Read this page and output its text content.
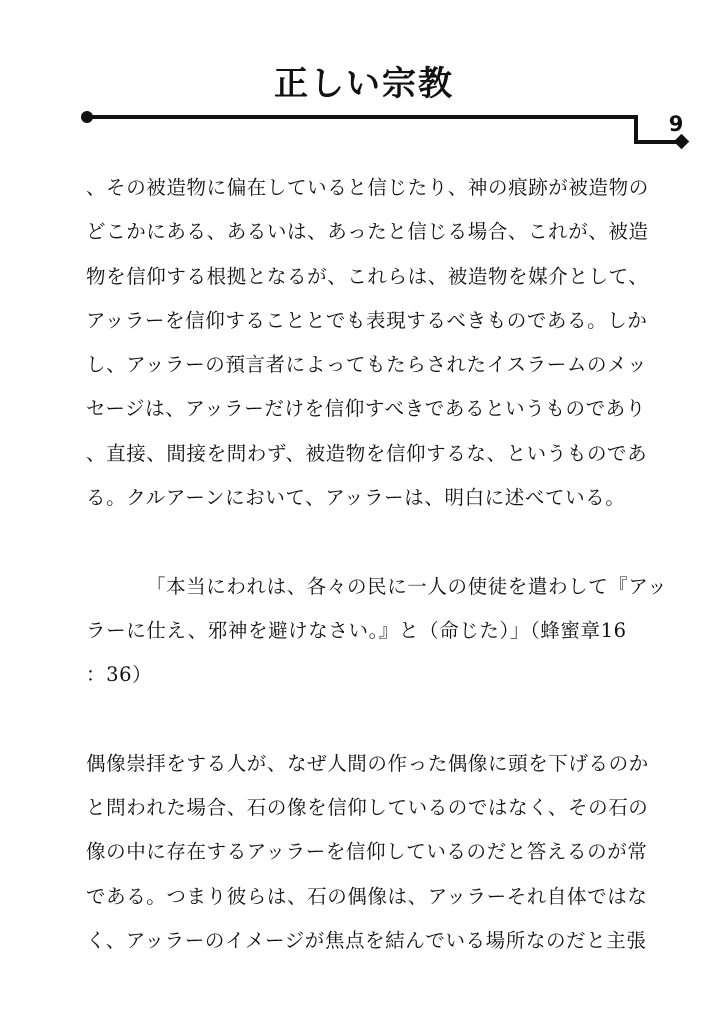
正しい宗教
9
、その被造物に偏在していると信じたり、神の痕跡が被造物の
どこかにある、あるいは、あったと信じる場合、これが、被造
物を信仰する根拠となるが、これらは、被造物を媒介として、
アッラーを信仰することとでも表現するべきものである。しか
し、アッラーの預言者によってもたらされたイスラームのメッ
セージは、アッラーだけを信仰すべきであるというものであり
、直接、間接を問わず、被造物を信仰するな、というものであ
る。クルアーンにおいて、アッラーは、明白に述べている。
「本当にわれは、各々の民に一人の使徒を遣わして『アッ
ラーに仕え、邪神を避けなさい。』と（命じた）」（蜂蜜章16
：36）
偶像崇拝をする人が、なぜ人間の作った偶像に頭を下げるのか
と問われた場合、石の像を信仰しているのではなく、その石の
像の中に存在するアッラーを信仰しているのだと答えるのが常
である。つまり彼らは、石の偶像は、アッラーそれ自体ではな
く、アッラーのイメージが焦点を結んでいる場所なのだと主張
